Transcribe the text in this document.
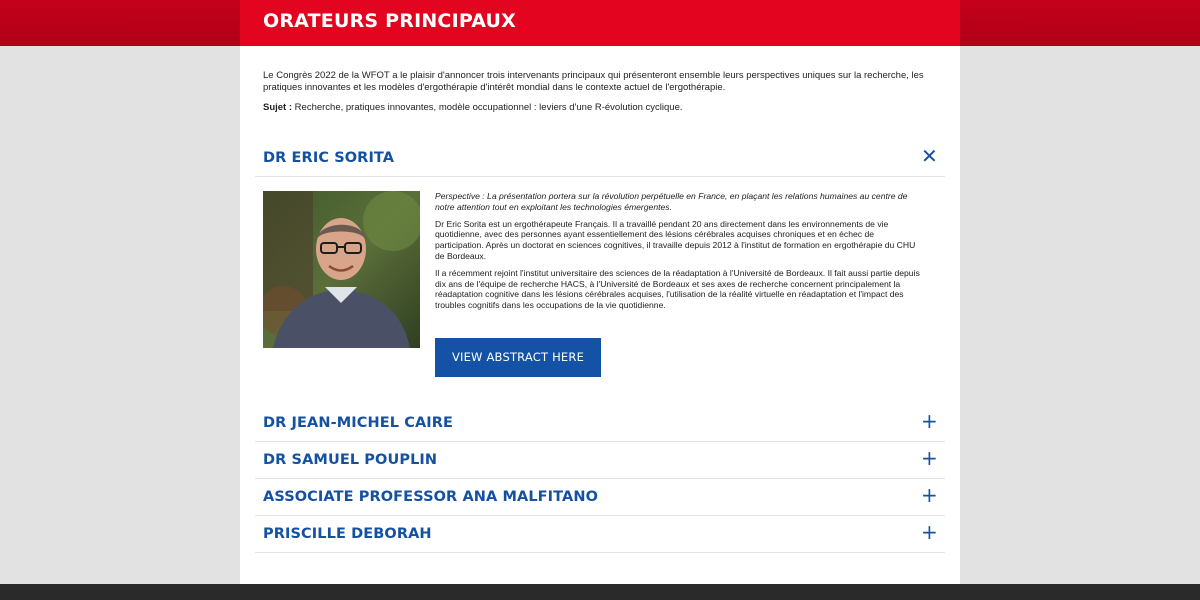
ORATEURS PRINCIPAUX

Le Congrès 2022 de la WFOT a le plaisir d'annoncer trois intervenants principaux qui présenteront ensemble leurs perspectives uniques sur la recherche, les pratiques innovantes et les modèles d'ergothérapie d'intérêt mondial dans le contexte actuel de l'ergothérapie.

Sujet : Recherche, pratiques innovantes, modèle occupationnel : leviers d'une R-évolution cyclique.

DR ERIC SORITA	✕

Perspective : La présentation portera sur la révolution perpétuelle en France, en plaçant les relations humaines au centre de notre attention tout en exploitant les technologies émergentes.

Dr Eric Sorita est un ergothérapeute Français. Il a travaillé pendant 20 ans directement dans les environnements de vie quotidienne, avec des personnes ayant essentiellement des lésions cérébrales acquises chroniques et en échec de participation. Après un doctorat en sciences cognitives, il travaille depuis 2012 à l'institut de formation en ergothérapie du CHU de Bordeaux.

Il a récemment rejoint l'institut universitaire des sciences de la réadaptation à l'Université de Bordeaux. Il fait aussi partie depuis dix ans de l'équipe de recherche HACS, à l'Université de Bordeaux et ses axes de recherche concernent principalement la réadaptation cognitive dans les lésions cérébrales acquises, l'utilisation de la réalité virtuelle en réadaptation et l'impact des troubles cognitifs dans les occupations de la vie quotidienne.

VIEW ABSTRACT HERE
DR JEAN-MICHEL CAIRE	+
DR SAMUEL POUPLIN	+
ASSOCIATE PROFESSOR ANA MALFITANO	+
PRISCILLE DEBORAH	+
